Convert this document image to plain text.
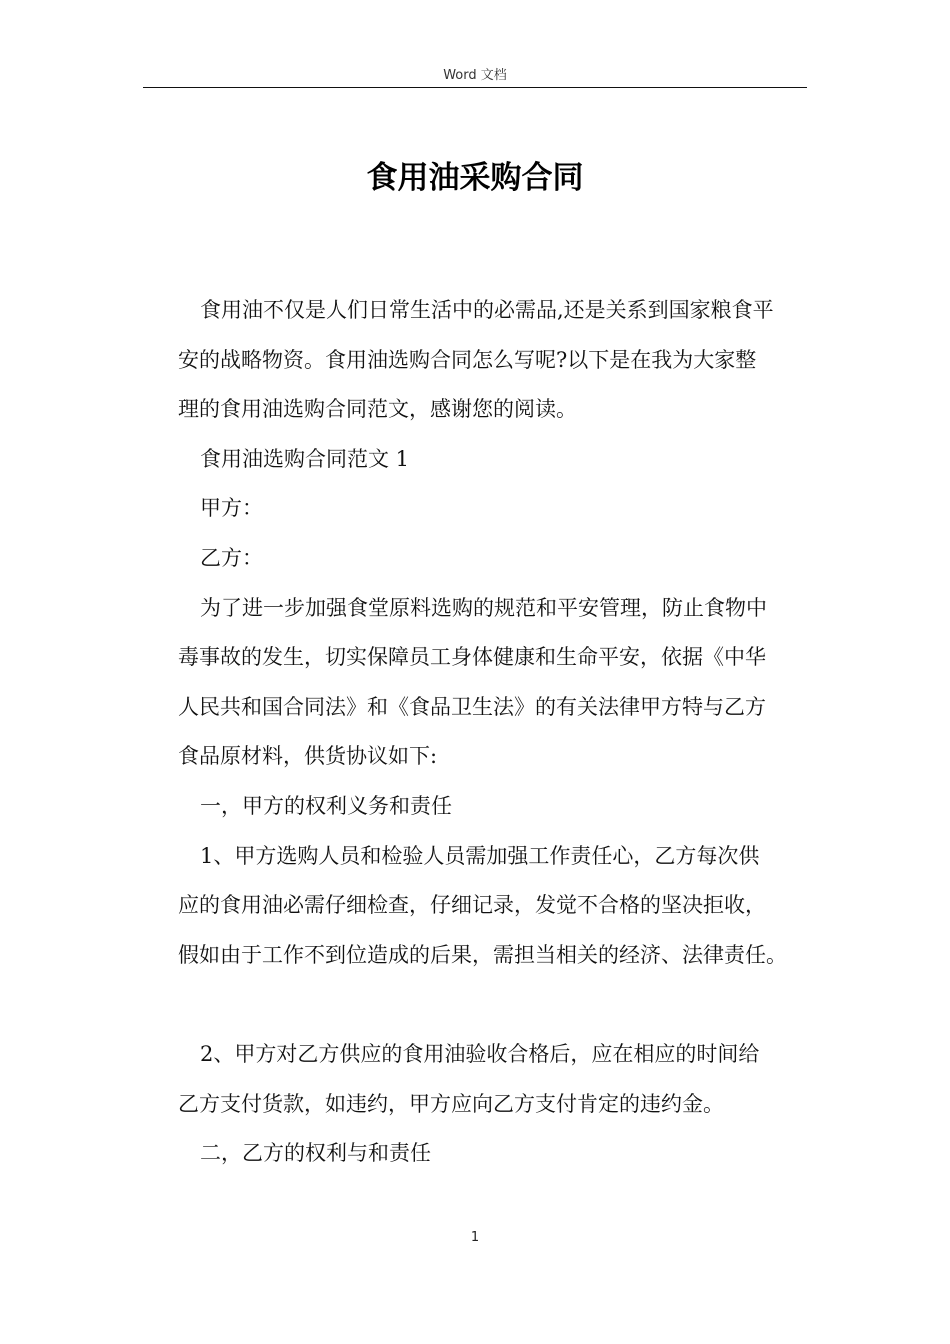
Word 文档
食用油采购合同

食用油不仅是人们日常生活中的必需品,还是关系到国家粮食平
安的战略物资。食用油选购合同怎么写呢?以下是在我为大家整
理的食用油选购合同范文，感谢您的阅读。

食用油选购合同范文 1

甲方：

乙方：

为了进一步加强食堂原料选购的规范和平安管理，防止食物中
毒事故的发生，切实保障员工身体健康和生命平安，依据《中华
人民共和国合同法》和《食品卫生法》的有关法律甲方特与乙方
食品原材料，供货协议如下:

一，甲方的权利义务和责任

1、甲方选购人员和检验人员需加强工作责任心，乙方每次供
应的食用油必需仔细检查，仔细记录，发觉不合格的坚决拒收，
假如由于工作不到位造成的后果，需担当相关的经济、法律责任。

2、甲方对乙方供应的食用油验收合格后，应在相应的时间给
乙方支付货款，如违约，甲方应向乙方支付肯定的违约金。

二，乙方的权利与和责任

1
